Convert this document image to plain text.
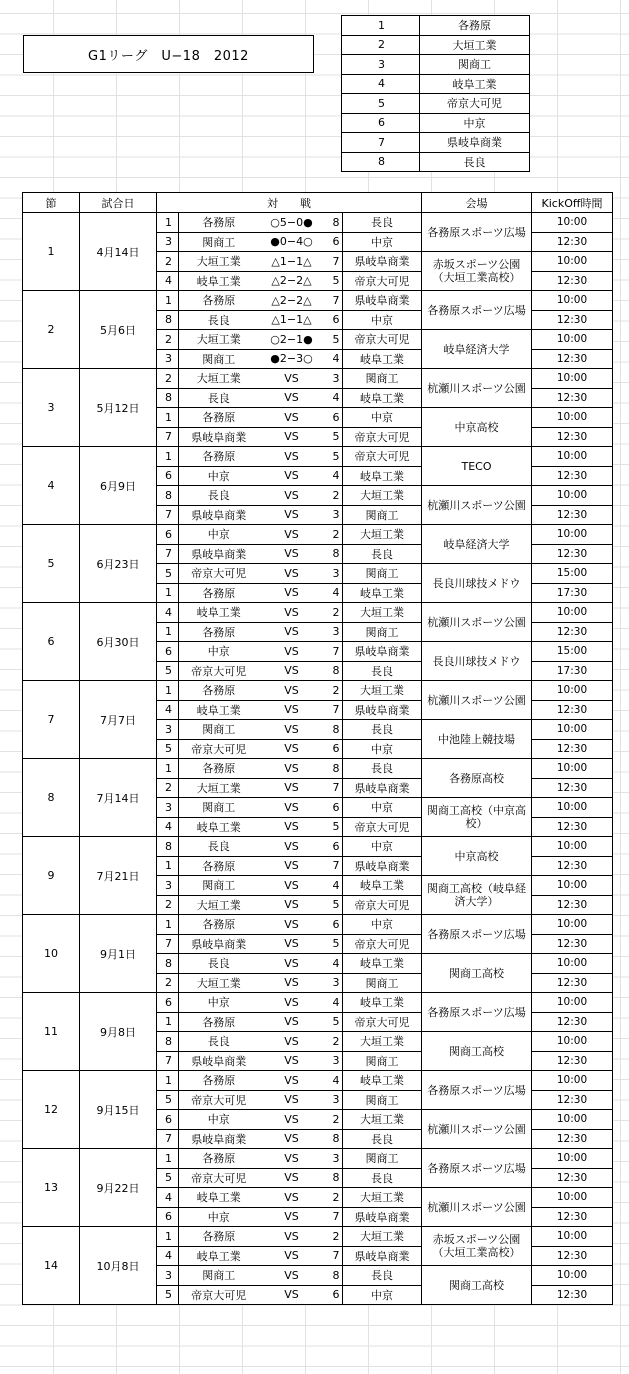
G1リーグ　U−18　2012
1	各務原
2	大垣工業
3	関商工
4	岐阜工業
5	帝京大可児
6	中京
7	県岐阜商業
8	長良
節	試合日	対　　戦					会場	KickOff時間
1	4月14日	1	各務原	○5−0●	8	長良	各務原スポーツ広場	10:00
		3	関商工	●0−4○	6	中京		12:30
		2	大垣工業	△1−1△	7	県岐阜商業	赤坂スポーツ公園（大垣工業高校）	10:00
		4	岐阜工業	△2−2△	5	帝京大可児		12:30
2	5月6日	1	各務原	△2−2△	7	県岐阜商業	各務原スポーツ広場	10:00
		8	長良	△1−1△	6	中京		12:30
		2	大垣工業	○2−1●	5	帝京大可児	岐阜経済大学	10:00
		3	関商工	●2−3○	4	岐阜工業		12:30
3	5月12日	2	大垣工業	VS	3	関商工	杭瀬川スポーツ公園	10:00
		8	長良	VS	4	岐阜工業		12:30
		1	各務原	VS	6	中京	中京高校	10:00
		7	県岐阜商業	VS	5	帝京大可児		12:30
4	6月9日	1	各務原	VS	5	帝京大可児	TECO	10:00
		6	中京	VS	4	岐阜工業		12:30
		8	長良	VS	2	大垣工業	杭瀬川スポーツ公園	10:00
		7	県岐阜商業	VS	3	関商工		12:30
5	6月23日	6	中京	VS	2	大垣工業	岐阜経済大学	10:00
		7	県岐阜商業	VS	8	長良		12:30
		5	帝京大可児	VS	3	関商工	長良川球技メドウ	15:00
		1	各務原	VS	4	岐阜工業		17:30
6	6月30日	4	岐阜工業	VS	2	大垣工業	杭瀬川スポーツ公園	10:00
		1	各務原	VS	3	関商工		12:30
		6	中京	VS	7	県岐阜商業	長良川球技メドウ	15:00
		5	帝京大可児	VS	8	長良		17:30
7	7月7日	1	各務原	VS	2	大垣工業	杭瀬川スポーツ公園	10:00
		4	岐阜工業	VS	7	県岐阜商業		12:30
		3	関商工	VS	8	長良	中池陸上競技場	10:00
		5	帝京大可児	VS	6	中京		12:30
8	7月14日	1	各務原	VS	8	長良	各務原高校	10:00
		2	大垣工業	VS	7	県岐阜商業		12:30
		3	関商工	VS	6	中京	関商工高校（中京高校）	10:00
		4	岐阜工業	VS	5	帝京大可児		12:30
9	7月21日	8	長良	VS	6	中京	中京高校	10:00
		1	各務原	VS	7	県岐阜商業		12:30
		3	関商工	VS	4	岐阜工業	関商工高校（岐阜経済大学）	10:00
		2	大垣工業	VS	5	帝京大可児		12:30
10	9月1日	1	各務原	VS	6	中京	各務原スポーツ広場	10:00
		7	県岐阜商業	VS	5	帝京大可児		12:30
		8	長良	VS	4	岐阜工業	関商工高校	10:00
		2	大垣工業	VS	3	関商工		12:30
11	9月8日	6	中京	VS	4	岐阜工業	各務原スポーツ広場	10:00
		1	各務原	VS	5	帝京大可児		12:30
		8	長良	VS	2	大垣工業	関商工高校	10:00
		7	県岐阜商業	VS	3	関商工		12:30
12	9月15日	1	各務原	VS	4	岐阜工業	各務原スポーツ広場	10:00
		5	帝京大可児	VS	3	関商工		12:30
		6	中京	VS	2	大垣工業	杭瀬川スポーツ公園	10:00
		7	県岐阜商業	VS	8	長良		12:30
13	9月22日	1	各務原	VS	3	関商工	各務原スポーツ広場	10:00
		5	帝京大可児	VS	8	長良		12:30
		4	岐阜工業	VS	2	大垣工業	杭瀬川スポーツ公園	10:00
		6	中京	VS	7	県岐阜商業		12:30
14	10月8日	1	各務原	VS	2	大垣工業	赤坂スポーツ公園（大垣工業高校）	10:00
		4	岐阜工業	VS	7	県岐阜商業		12:30
		3	関商工	VS	8	長良	関商工高校	10:00
		5	帝京大可児	VS	6	中京		12:30
